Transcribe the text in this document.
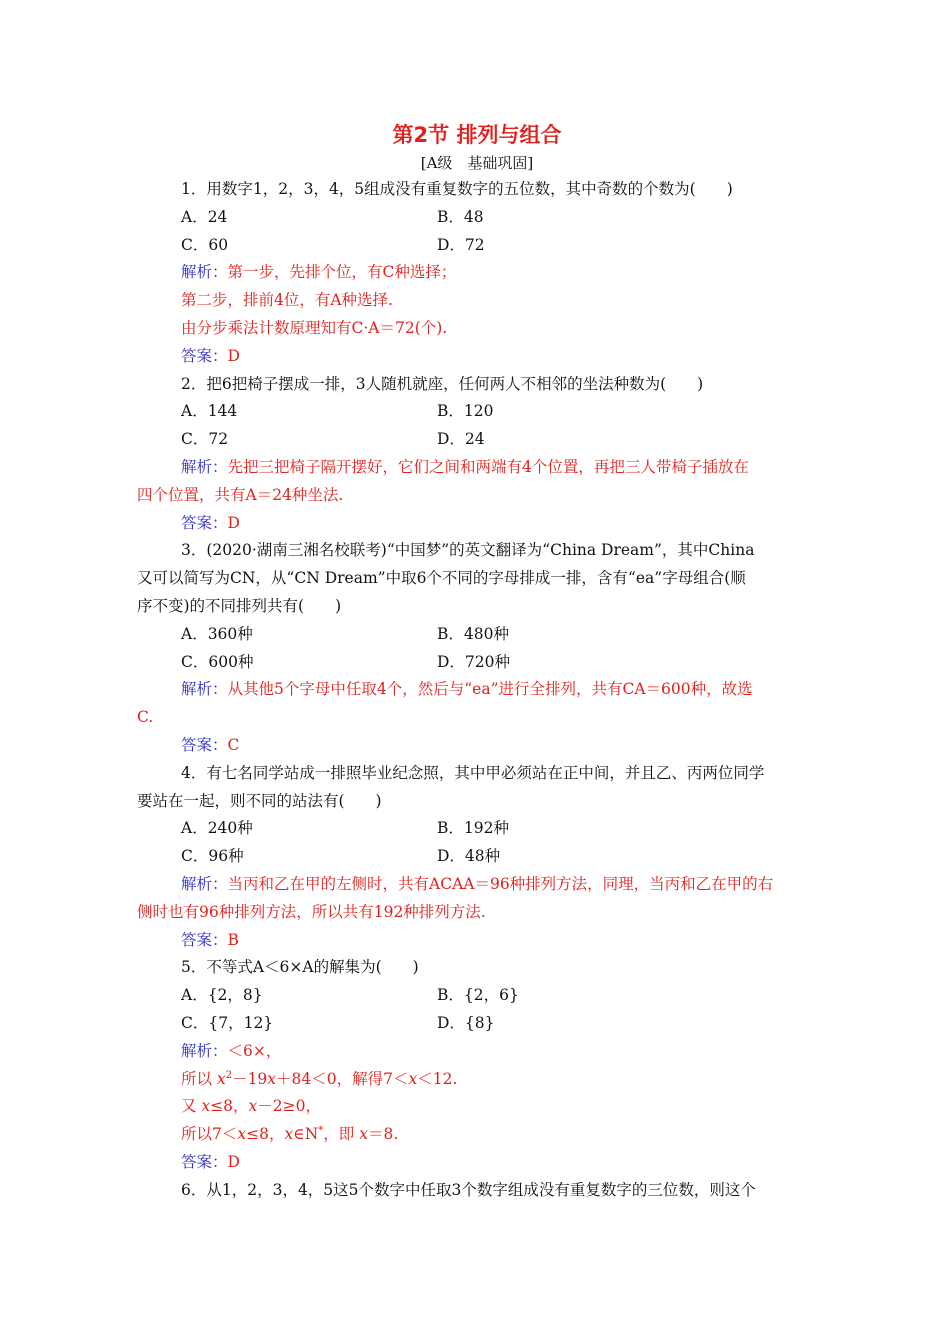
第2节 排列与组合
[A级　基础巩固]
1．用数字1，2，3，4，5组成没有重复数字的五位数，其中奇数的个数为(　　)
A．24	B．48
C．60	D．72
解析：第一步，先排个位，有C种选择；
第二步，排前4位，有A种选择.
由分步乘法计数原理知有C·A＝72(个).
答案：D
2．把6把椅子摆成一排，3人随机就座，任何两人不相邻的坐法种数为(　　)
A．144	B．120
C．72	D．24
解析：先把三把椅子隔开摆好，它们之间和两端有4个位置，再把三人带椅子插放在
四个位置，共有A＝24种坐法.
答案：D
3．(2020·湖南三湘名校联考)“中国梦”的英文翻译为“China Dream”，其中China
又可以简写为CN，从“CN Dream”中取6个不同的字母排成一排，含有“ea”字母组合(顺
序不变)的不同排列共有(　　)
A．360种	B．480种
C．600种	D．720种
解析：从其他5个字母中任取4个，然后与“ea”进行全排列，共有CA＝600种，故选
C.
答案：C
4．有七名同学站成一排照毕业纪念照，其中甲必须站在正中间，并且乙、丙两位同学
要站在一起，则不同的站法有(　　)
A．240种	B．192种
C．96种	D．48种
解析：当丙和乙在甲的左侧时，共有ACAA＝96种排列方法，同理，当丙和乙在甲的右
侧时也有96种排列方法，所以共有192种排列方法.
答案：B
5．不等式A＜6×A的解集为(　　)
A．{2，8}	B．{2，6}
C．{7，12}	D．{8}
解析：＜6×，
所以 $x^2-19x+84<0$，解得7＜x＜12.
又 x≤8，x－2≥0，
所以7＜x≤8，x∈N*，即 x＝8.
答案：D
6．从1，2，3，4，5这5个数字中任取3个数字组成没有重复数字的三位数，则这个
